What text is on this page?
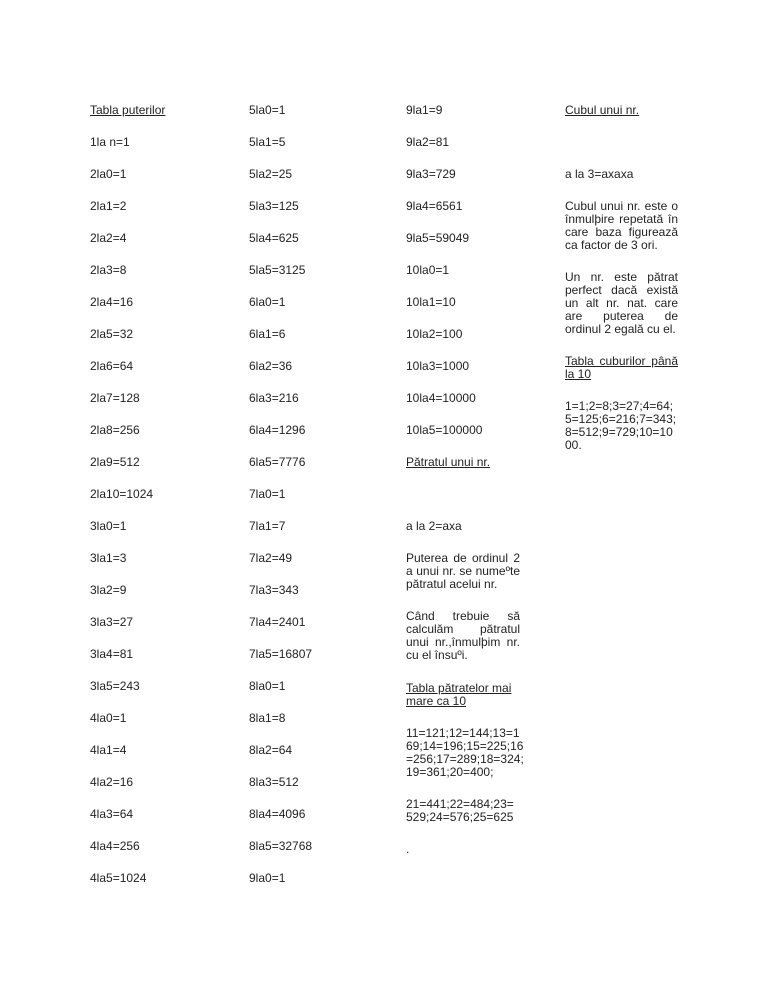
Tabla puterilor
1la n=1
2la0=1
2la1=2
2la2=4
2la3=8
2la4=16
2la5=32
2la6=64
2la7=128
2la8=256
2la9=512
2la10=1024
3la0=1
3la1=3
3la2=9
3la3=27
3la4=81
3la5=243
4la0=1
4la1=4
4la2=16
4la3=64
4la4=256
4la5=1024
5la0=1
5la1=5
5la2=25
5la3=125
5la4=625
5la5=3125
6la0=1
6la1=6
6la2=36
6la3=216
6la4=1296
6la5=7776
7la0=1
7la1=7
7la2=49
7la3=343
7la4=2401
7la5=16807
8la0=1
8la1=8
8la2=64
8la3=512
8la4=4096
8la5=32768
9la0=1
9la1=9
9la2=81
9la3=729
9la4=6561
9la5=59049
10la0=1
10la1=10
10la2=100
10la3=1000
10la4=10000
10la5=100000
Pătratul unui nr.
a la 2=axa
Puterea de ordinul 2 a unui nr. se numeºte pătratul acelui nr.
Când trebuie să calculăm pătratul unui nr.,înmulþim nr. cu el însuºi.
Tabla pătratelor mai mare ca 10
11=121;12=144;13=169;14=196;15=225;16=256;17=289;18=324;19=361;20=400;
21=441;22=484;23=529;24=576;25=625
.
Cubul unui nr.
a la 3=axaxa
Cubul unui nr. este o înmulþire repetată în care baza figurează ca factor de 3 ori.
Un nr. este pătrat perfect dacă există un alt nr. nat. care are puterea de ordinul 2 egală cu el.
Tabla cuburilor până la 10
1=1;2=8;3=27;4=64;5=125;6=216;7=343;8=512;9=729;10=1000.
